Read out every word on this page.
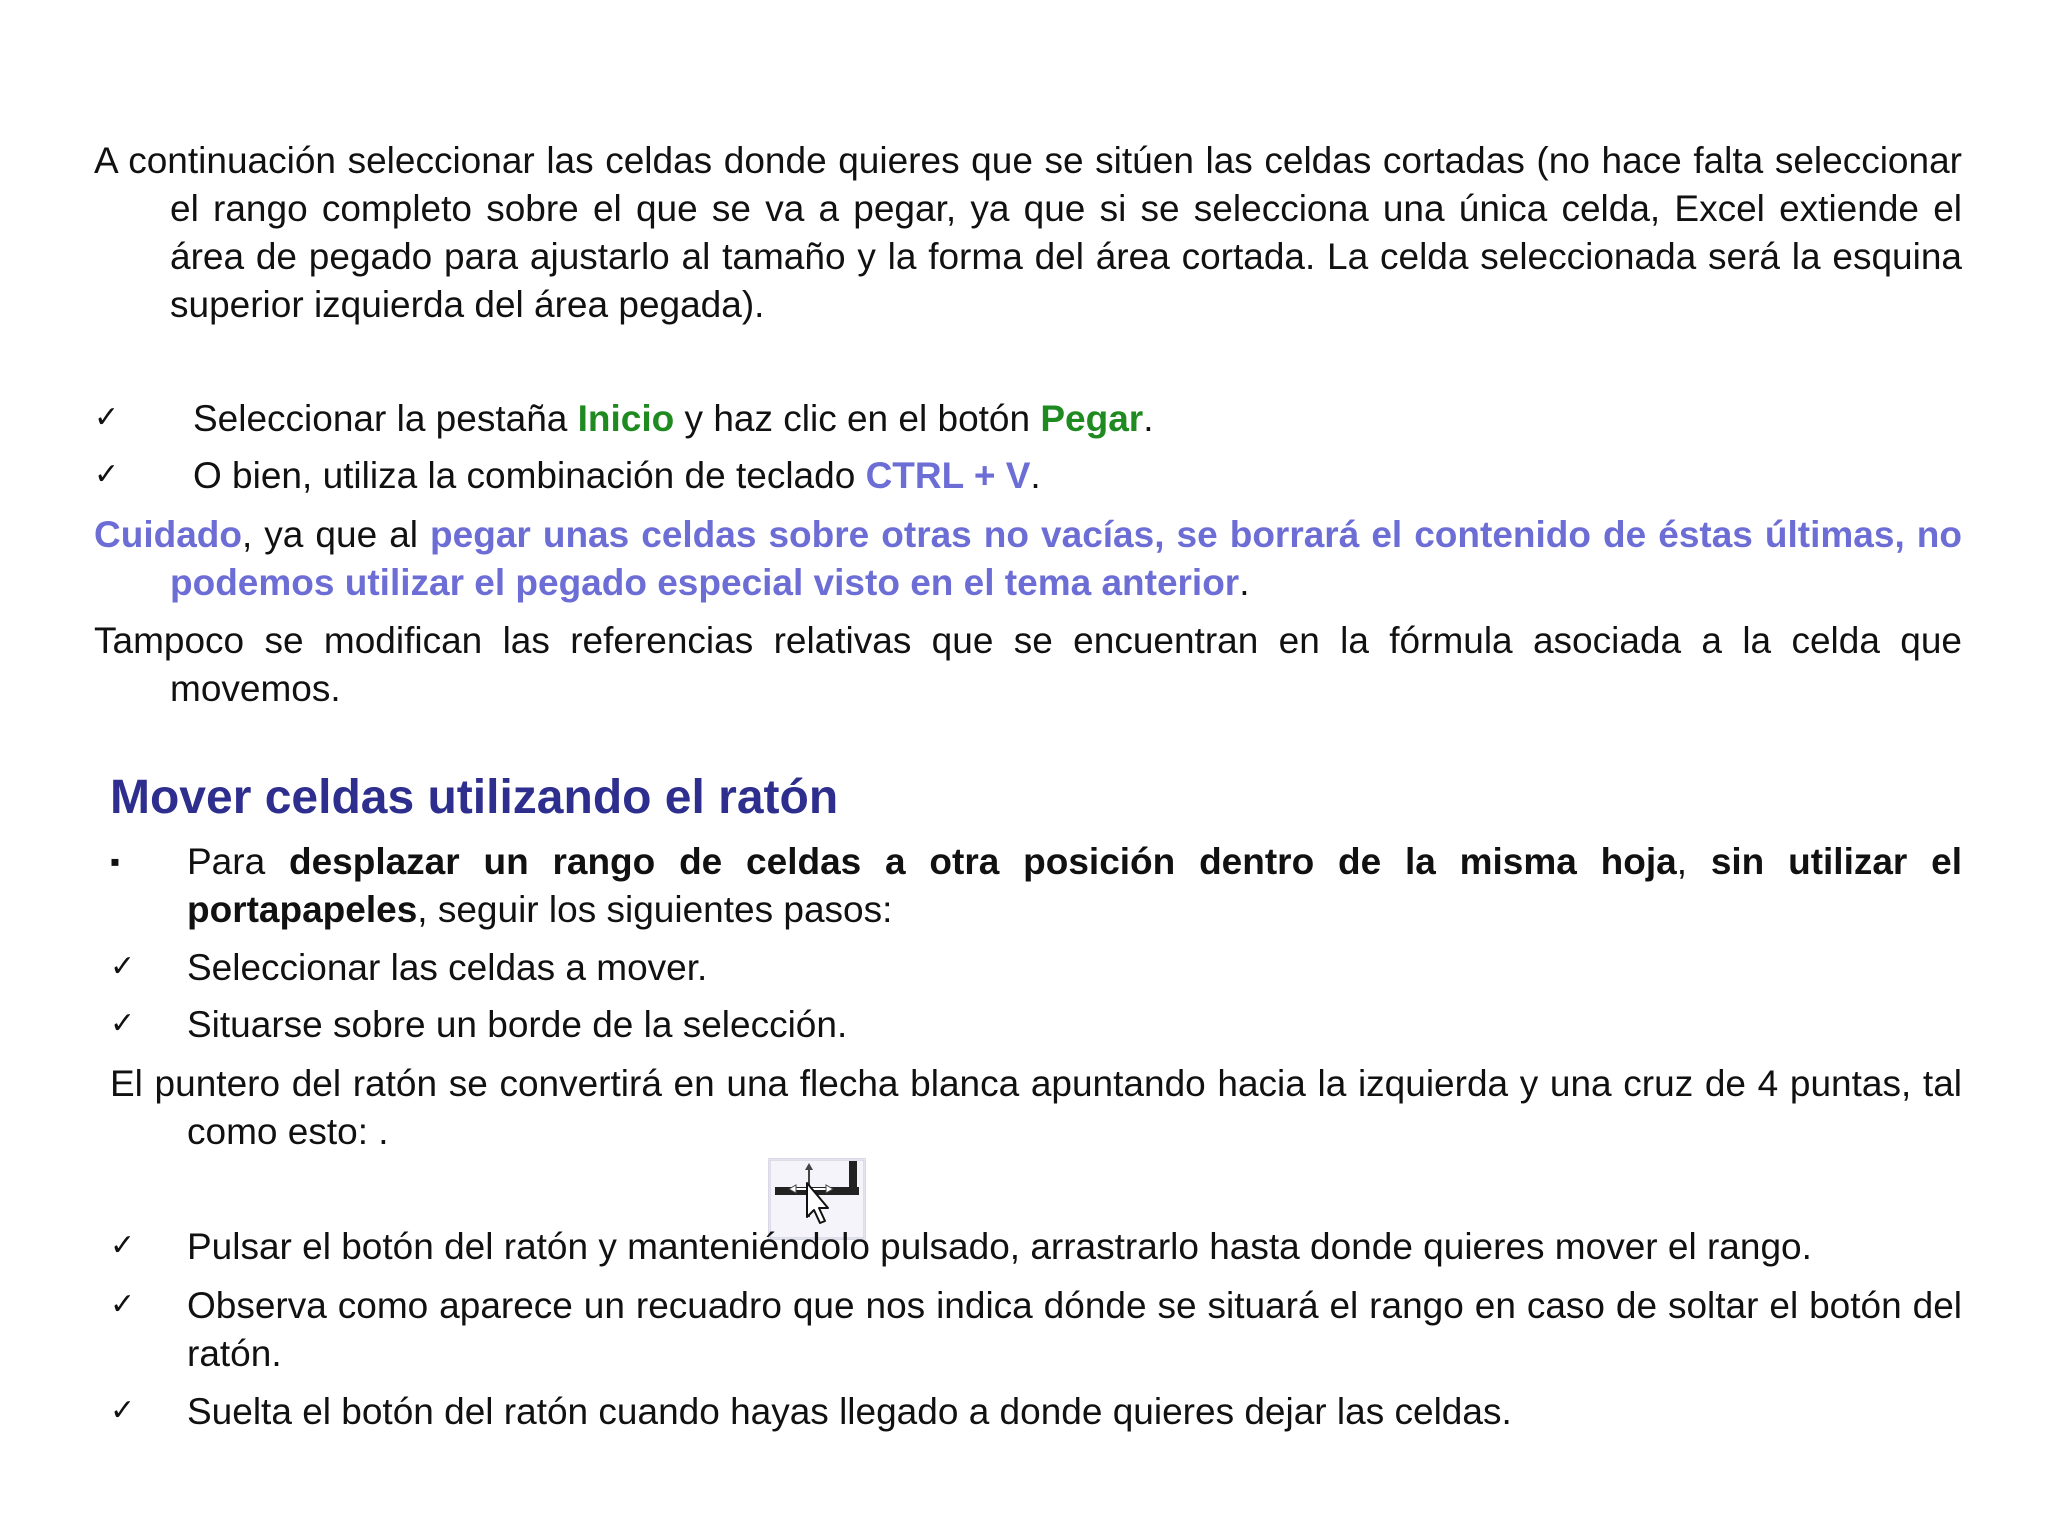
A continuación seleccionar las celdas donde quieres que se sitúen las celdas cortadas (no hace falta seleccionar el rango completo sobre el que se va a pegar, ya que si se selecciona una única celda, Excel extiende el área de pegado para ajustarlo al tamaño y la forma del área cortada. La celda seleccionada será la esquina superior izquierda del área pegada).
✓ Seleccionar la pestaña Inicio y haz clic en el botón Pegar.
✓ O bien, utiliza la combinación de teclado CTRL + V.
Cuidado, ya que al pegar unas celdas sobre otras no vacías, se borrará el contenido de éstas últimas, no podemos utilizar el pegado especial visto en el tema anterior.
Tampoco se modifican las referencias relativas que se encuentran en la fórmula asociada a la celda que movemos.
Mover celdas utilizando el ratón
▪ Para desplazar un rango de celdas a otra posición dentro de la misma hoja, sin utilizar el portapapeles, seguir los siguientes pasos:
✓ Seleccionar las celdas a mover.
✓ Situarse sobre un borde de la selección.
El puntero del ratón se convertirá en una flecha blanca apuntando hacia la izquierda y una cruz de 4 puntas, tal como esto: .
✓ Pulsar el botón del ratón y manteniéndolo pulsado, arrastrarlo hasta donde quieres mover el rango.
✓ Observa como aparece un recuadro que nos indica dónde se situará el rango en caso de soltar el botón del ratón.
✓ Suelta el botón del ratón cuando hayas llegado a donde quieres dejar las celdas.
